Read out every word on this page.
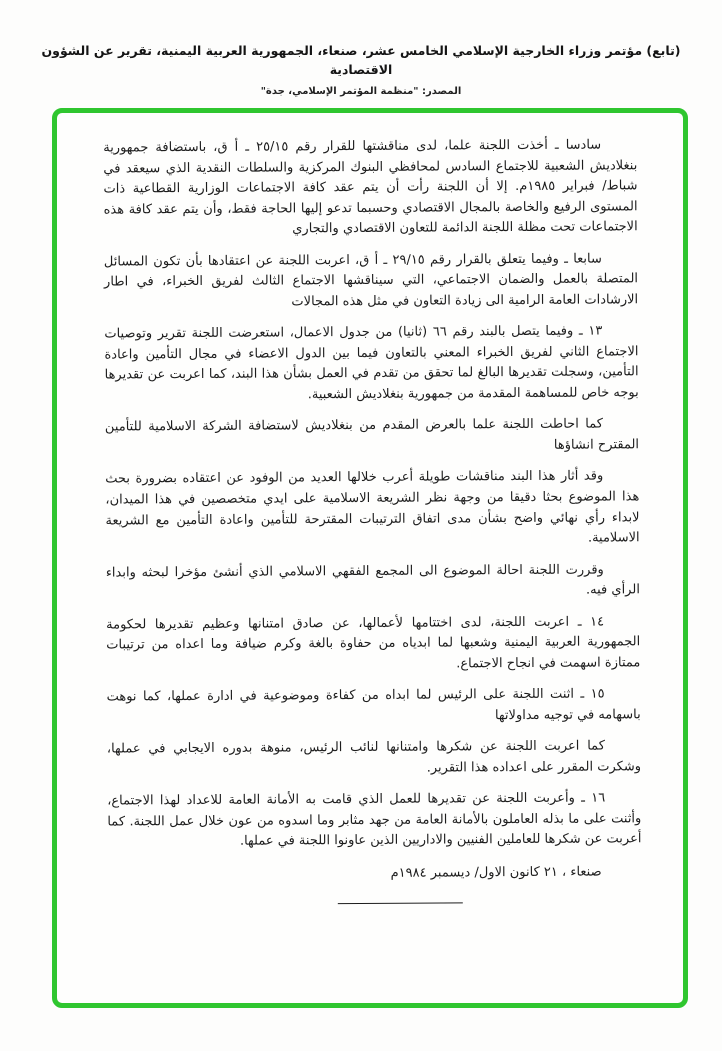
(تابع) مؤتمر وزراء الخارجية الإسلامي الخامس عشر، صنعاء، الجمهورية العربية اليمنية، تقرير عن الشؤون الاقتصادية
المصدر: "منظمة المؤتمر الإسلامي، جدة"

سادسا ـ أخذت اللجنة علما، لدى مناقشتها للقرار رقم ٢٥/١٥ ـ أ ق، باستضافة جمهورية بنغلاديش الشعبية للاجتماع السادس لمحافظي البنوك المركزية والسلطات النقدية الذي سيعقد في شباط/ فبراير ١٩٨٥م. إلا أن اللجنة رأت أن يتم عقد كافة الاجتماعات الوزارية القطاعية ذات المستوى الرفيع والخاصة بالمجال الاقتصادي وحسبما تدعو إليها الحاجة فقط، وأن يتم عقد كافة هذه الاجتماعات تحت مظلة اللجنة الدائمة للتعاون الاقتصادي والتجاري

سابعا ـ وفيما يتعلق بالقرار رقم ٢٩/١٥ ـ أ ق، اعربت اللجنة عن اعتقادها بأن تكون المسائل المتصلة بالعمل والضمان الاجتماعي، التي سيناقشها الاجتماع الثالث لفريق الخبراء، في اطار الارشادات العامة الرامية الى زيادة التعاون في مثل هذه المجالات

١٣ ـ وفيما يتصل بالبند رقم ٦٦ (ثانيا) من جدول الاعمال، استعرضت اللجنة تقرير وتوصيات الاجتماع الثاني لفريق الخبراء المعني بالتعاون فيما بين الدول الاعضاء في مجال التأمين واعادة التأمين، وسجلت تقديرها البالغ لما تحقق من تقدم في العمل بشأن هذا البند، كما اعربت عن تقديرها بوجه خاص للمساهمة المقدمة من جمهورية بنغلاديش الشعبية.

كما احاطت اللجنة علما بالعرض المقدم من بنغلاديش لاستضافة الشركة الاسلامية للتأمين المقترح انشاؤها

وقد أثار هذا البند مناقشات طويلة أعرب خلالها العديد من الوفود عن اعتقاده بضرورة بحث هذا الموضوع بحثا دقيقا من وجهة نظر الشريعة الاسلامية على ايدي متخصصين في هذا الميدان، لابداء رأي نهائي واضح بشأن مدى اتفاق الترتيبات المقترحة للتأمين واعادة التأمين مع الشريعة الاسلامية.

وقررت اللجنة احالة الموضوع الى المجمع الفقهي الاسلامي الذي أنشئ مؤخرا لبحثه وابداء الرأي فيه.

١٤ ـ اعربت اللجنة، لدى اختتامها لأعمالها، عن صادق امتنانها وعظيم تقديرها لحكومة الجمهورية العربية اليمنية وشعبها لما ابدياه من حفاوة بالغة وكرم ضيافة وما اعداه من ترتيبات ممتازة اسهمت في انجاح الاجتماع.

١٥ ـ اثنت اللجنة على الرئيس لما ابداه من كفاءة وموضوعية في ادارة عملها، كما نوهت باسهامه في توجيه مداولاتها

كما اعربت اللجنة عن شكرها وامتنانها لنائب الرئيس، منوهة بدوره الايجابي في عملها، وشكرت المقرر على اعداده هذا التقرير.

١٦ ـ وأعربت اللجنة عن تقديرها للعمل الذي قامت به الأمانة العامة للاعداد لهذا الاجتماع، وأثنت على ما بذله العاملون بالأمانة العامة من جهد مثابر وما اسدوه من عون خلال عمل اللجنة. كما أعربت عن شكرها للعاملين الفنيين والاداريين الذين عاونوا اللجنة في عملها.

صنعاء ، ٢١ كانون الاول/ ديسمبر ١٩٨٤م
